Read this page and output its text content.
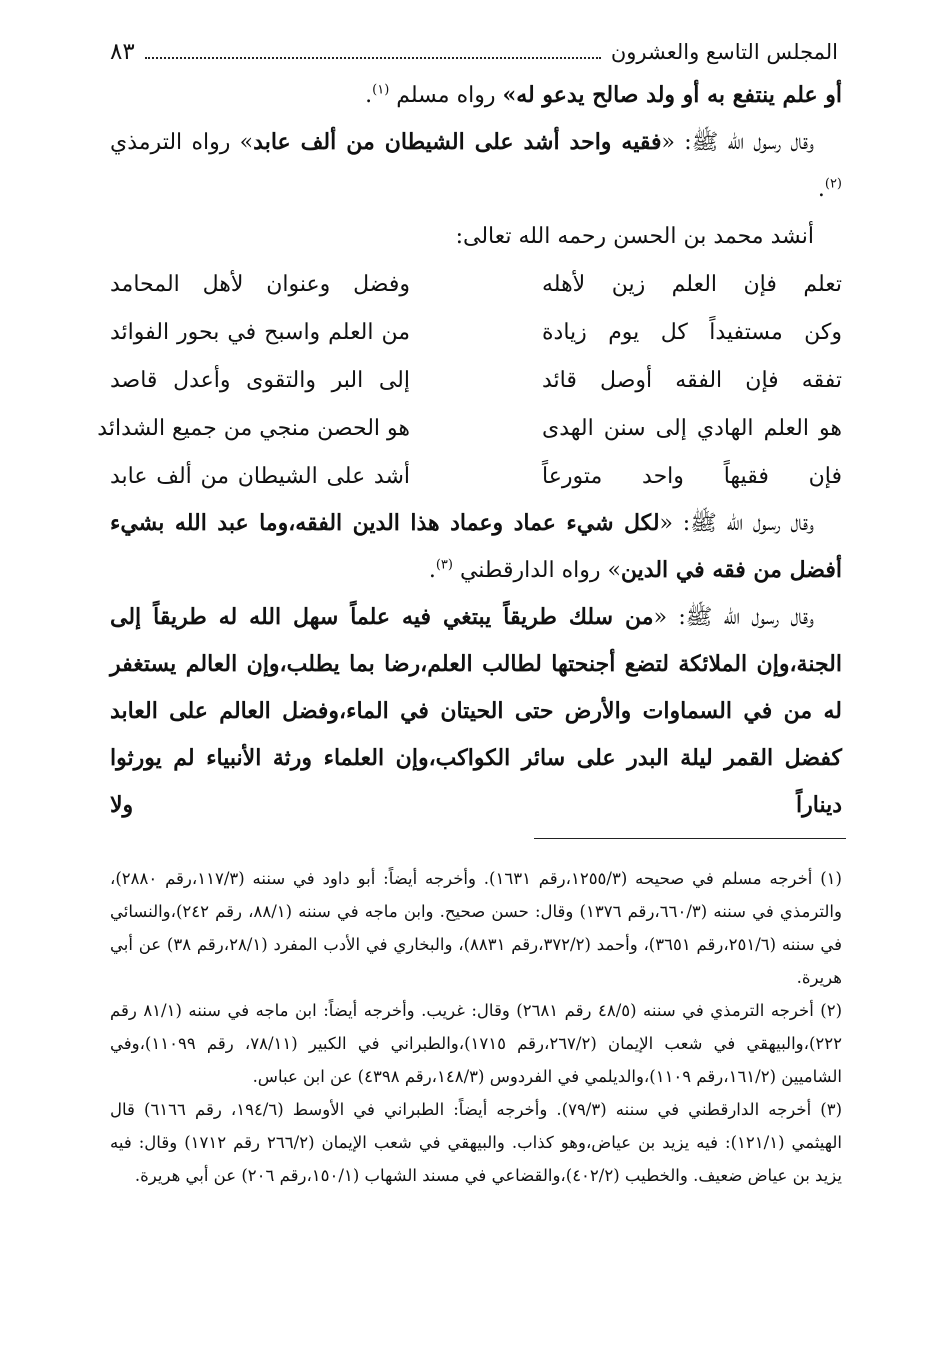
المجلس التاسع والعشرون
٨٣

أو علم ينتفع به أو ولد صالح يدعو له» رواه مسلم $^{(١)}$.

وقال رسول الله ﷺ: «فقيه واحد أشد على الشيطان من ألف عابد» رواه الترمذي $^{(٢)}$.

أنشد محمد بن الحسن رحمه الله تعالى:

تعلم فإن العلم زين لأهله
وفضل وعنوان لأهل المحامد
وكن مستفيداً كل يوم زيادة
من العلم واسبح في بحور الفوائد
تفقه فإن الفقه أوصل قائد
إلى البر والتقوى وأعدل قاصد
هو العلم الهادي إلى سنن الهدى
هو الحصن منجي من جميع الشدائد
فإن فقيهاً واحد متورعاً
أشد على الشيطان من ألف عابد

وقال رسول الله ﷺ: «لكل شيء عماد وعماد هذا الدين الفقه،وما عبد الله بشيء أفضل من فقه في الدين» رواه الدارقطني $^{(٣)}$.

وقال رسول الله ﷺ: «من سلك طريقاً يبتغي فيه علماً سهل الله له طريقاً إلى الجنة،وإن الملائكة لتضع أجنحتها لطالب العلم،رضا بما يطلب،وإن العالم يستغفر له من في السماوات والأرض حتى الحيتان في الماء،وفضل العالم على العابد كفضل القمر ليلة البدر على سائر الكواكب،وإن العلماء ورثة الأنبياء لم يورثوا ديناراً ولا

(١) أخرجه مسلم في صحيحه (١٢٥٥/٣،رقم ١٦٣١). وأخرجه أيضاً: أبو داود في سننه (١١٧/٣،رقم ٢٨٨٠)، والترمذي في سننه (٦٦٠/٣،رقم ١٣٧٦) وقال: حسن صحيح. وابن ماجه في سننه (٨٨/١، رقم ٢٤٢)،والنسائي في سننه (٢٥١/٦،رقم ٣٦٥١)، وأحمد (٣٧٢/٢،رقم ٨٨٣١)، والبخاري في الأدب المفرد (٢٨/١،رقم ٣٨) عن أبي هريرة.

(٢) أخرجه الترمذي في سننه (٤٨/٥ رقم ٢٦٨١) وقال: غريب. وأخرجه أيضاً: ابن ماجه في سننه (٨١/١ رقم ٢٢٢)،والبيهقي في شعب الإيمان (٢٦٧/٢،رقم ١٧١٥)،والطبراني في الكبير (٧٨/١١، رقم ١١٠٩٩)،وفي الشاميين (١٦١/٢،رقم ١١٠٩)،والديلمي في الفردوس (١٤٨/٣،رقم ٤٣٩٨) عن ابن عباس.

(٣) أخرجه الدارقطني في سننه (٧٩/٣). وأخرجه أيضاً: الطبراني في الأوسط (١٩٤/٦، رقم ٦١٦٦) قال الهيثمي (١٢١/١): فيه يزيد بن عياض،وهو كذاب. والبيهقي في شعب الإيمان (٢٦٦/٢ رقم ١٧١٢) وقال: فيه يزيد بن عياض ضعيف. والخطيب (٤٠٢/٢)،والقضاعي في مسند الشهاب (١٥٠/١،رقم ٢٠٦) عن أبي هريرة.
